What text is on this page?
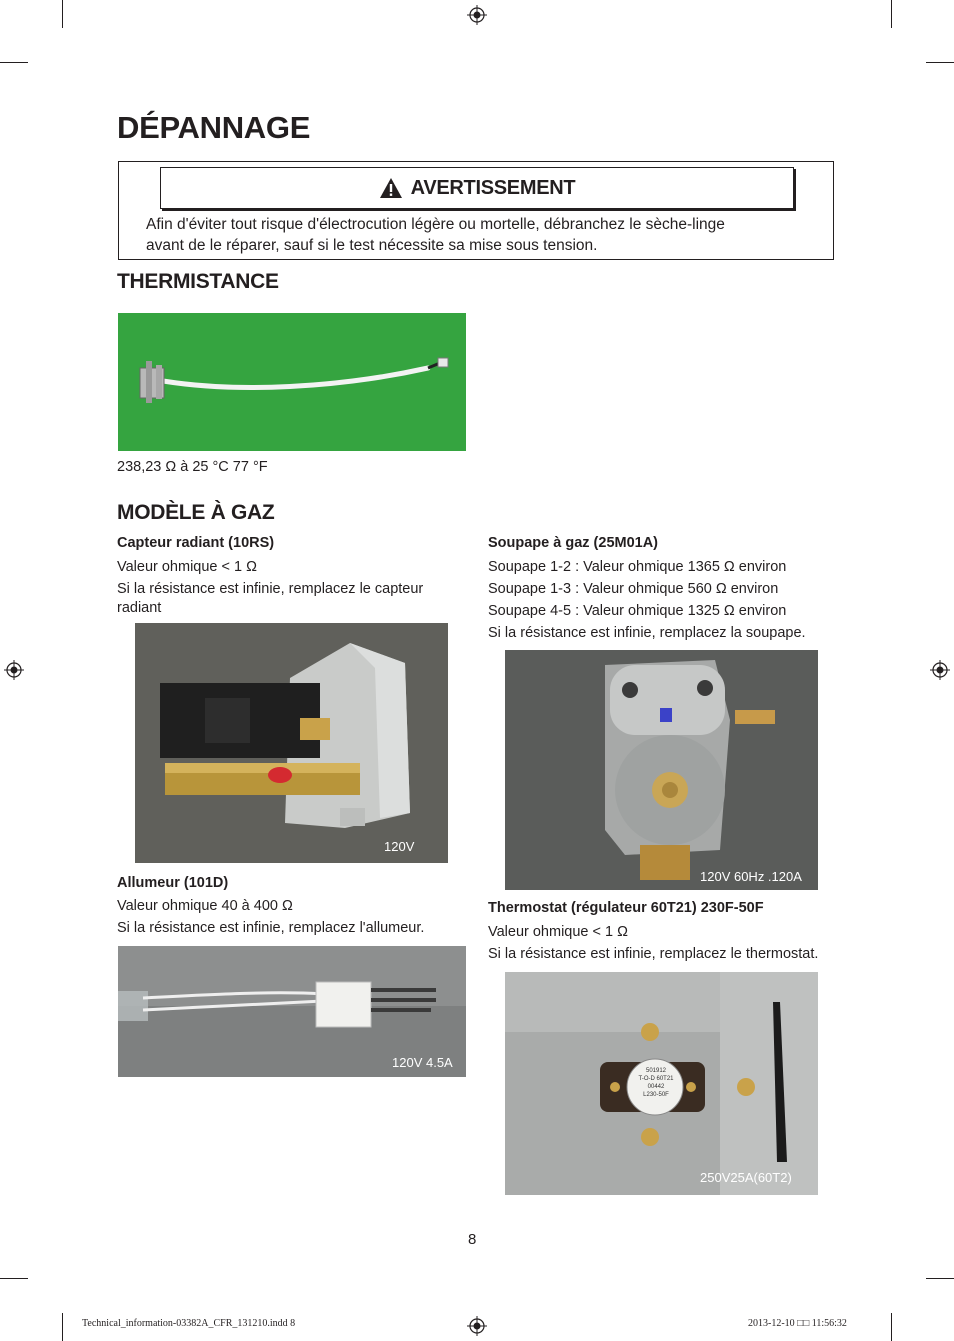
DÉPANNAGE
AVERTISSEMENT
Afin d'éviter tout risque d'électrocution légère ou mortelle, débranchez le sèche-linge
avant de le réparer, sauf si le test nécessite sa mise sous tension.
THERMISTANCE
238,23 Ω à 25 °C 77 °F
MODÈLE À GAZ
Capteur radiant (10RS)
Valeur ohmique < 1 Ω
Si la résistance est infinie, remplacez le capteur
radiant
120V
Allumeur (101D)
Valeur ohmique 40 à 400 Ω
Si la résistance est infinie, remplacez l'allumeur.
120V 4.5A
Soupape à gaz (25M01A)
Soupape 1-2 : Valeur ohmique 1365 Ω environ
Soupape 1-3 : Valeur ohmique 560 Ω environ
Soupape 4-5 : Valeur ohmique 1325 Ω environ
Si la résistance est infinie, remplacez la soupape.
120V 60Hz .120A
Thermostat (régulateur 60T21) 230F-50F
Valeur ohmique < 1 Ω
Si la résistance est infinie, remplacez le thermostat.
501912
T-O-D 60T21
00442
L230-50F
250V25A(60T2)
8
Technical_information-03382A_CFR_131210.indd 8	2013-12-10 □□ 11:56:32
